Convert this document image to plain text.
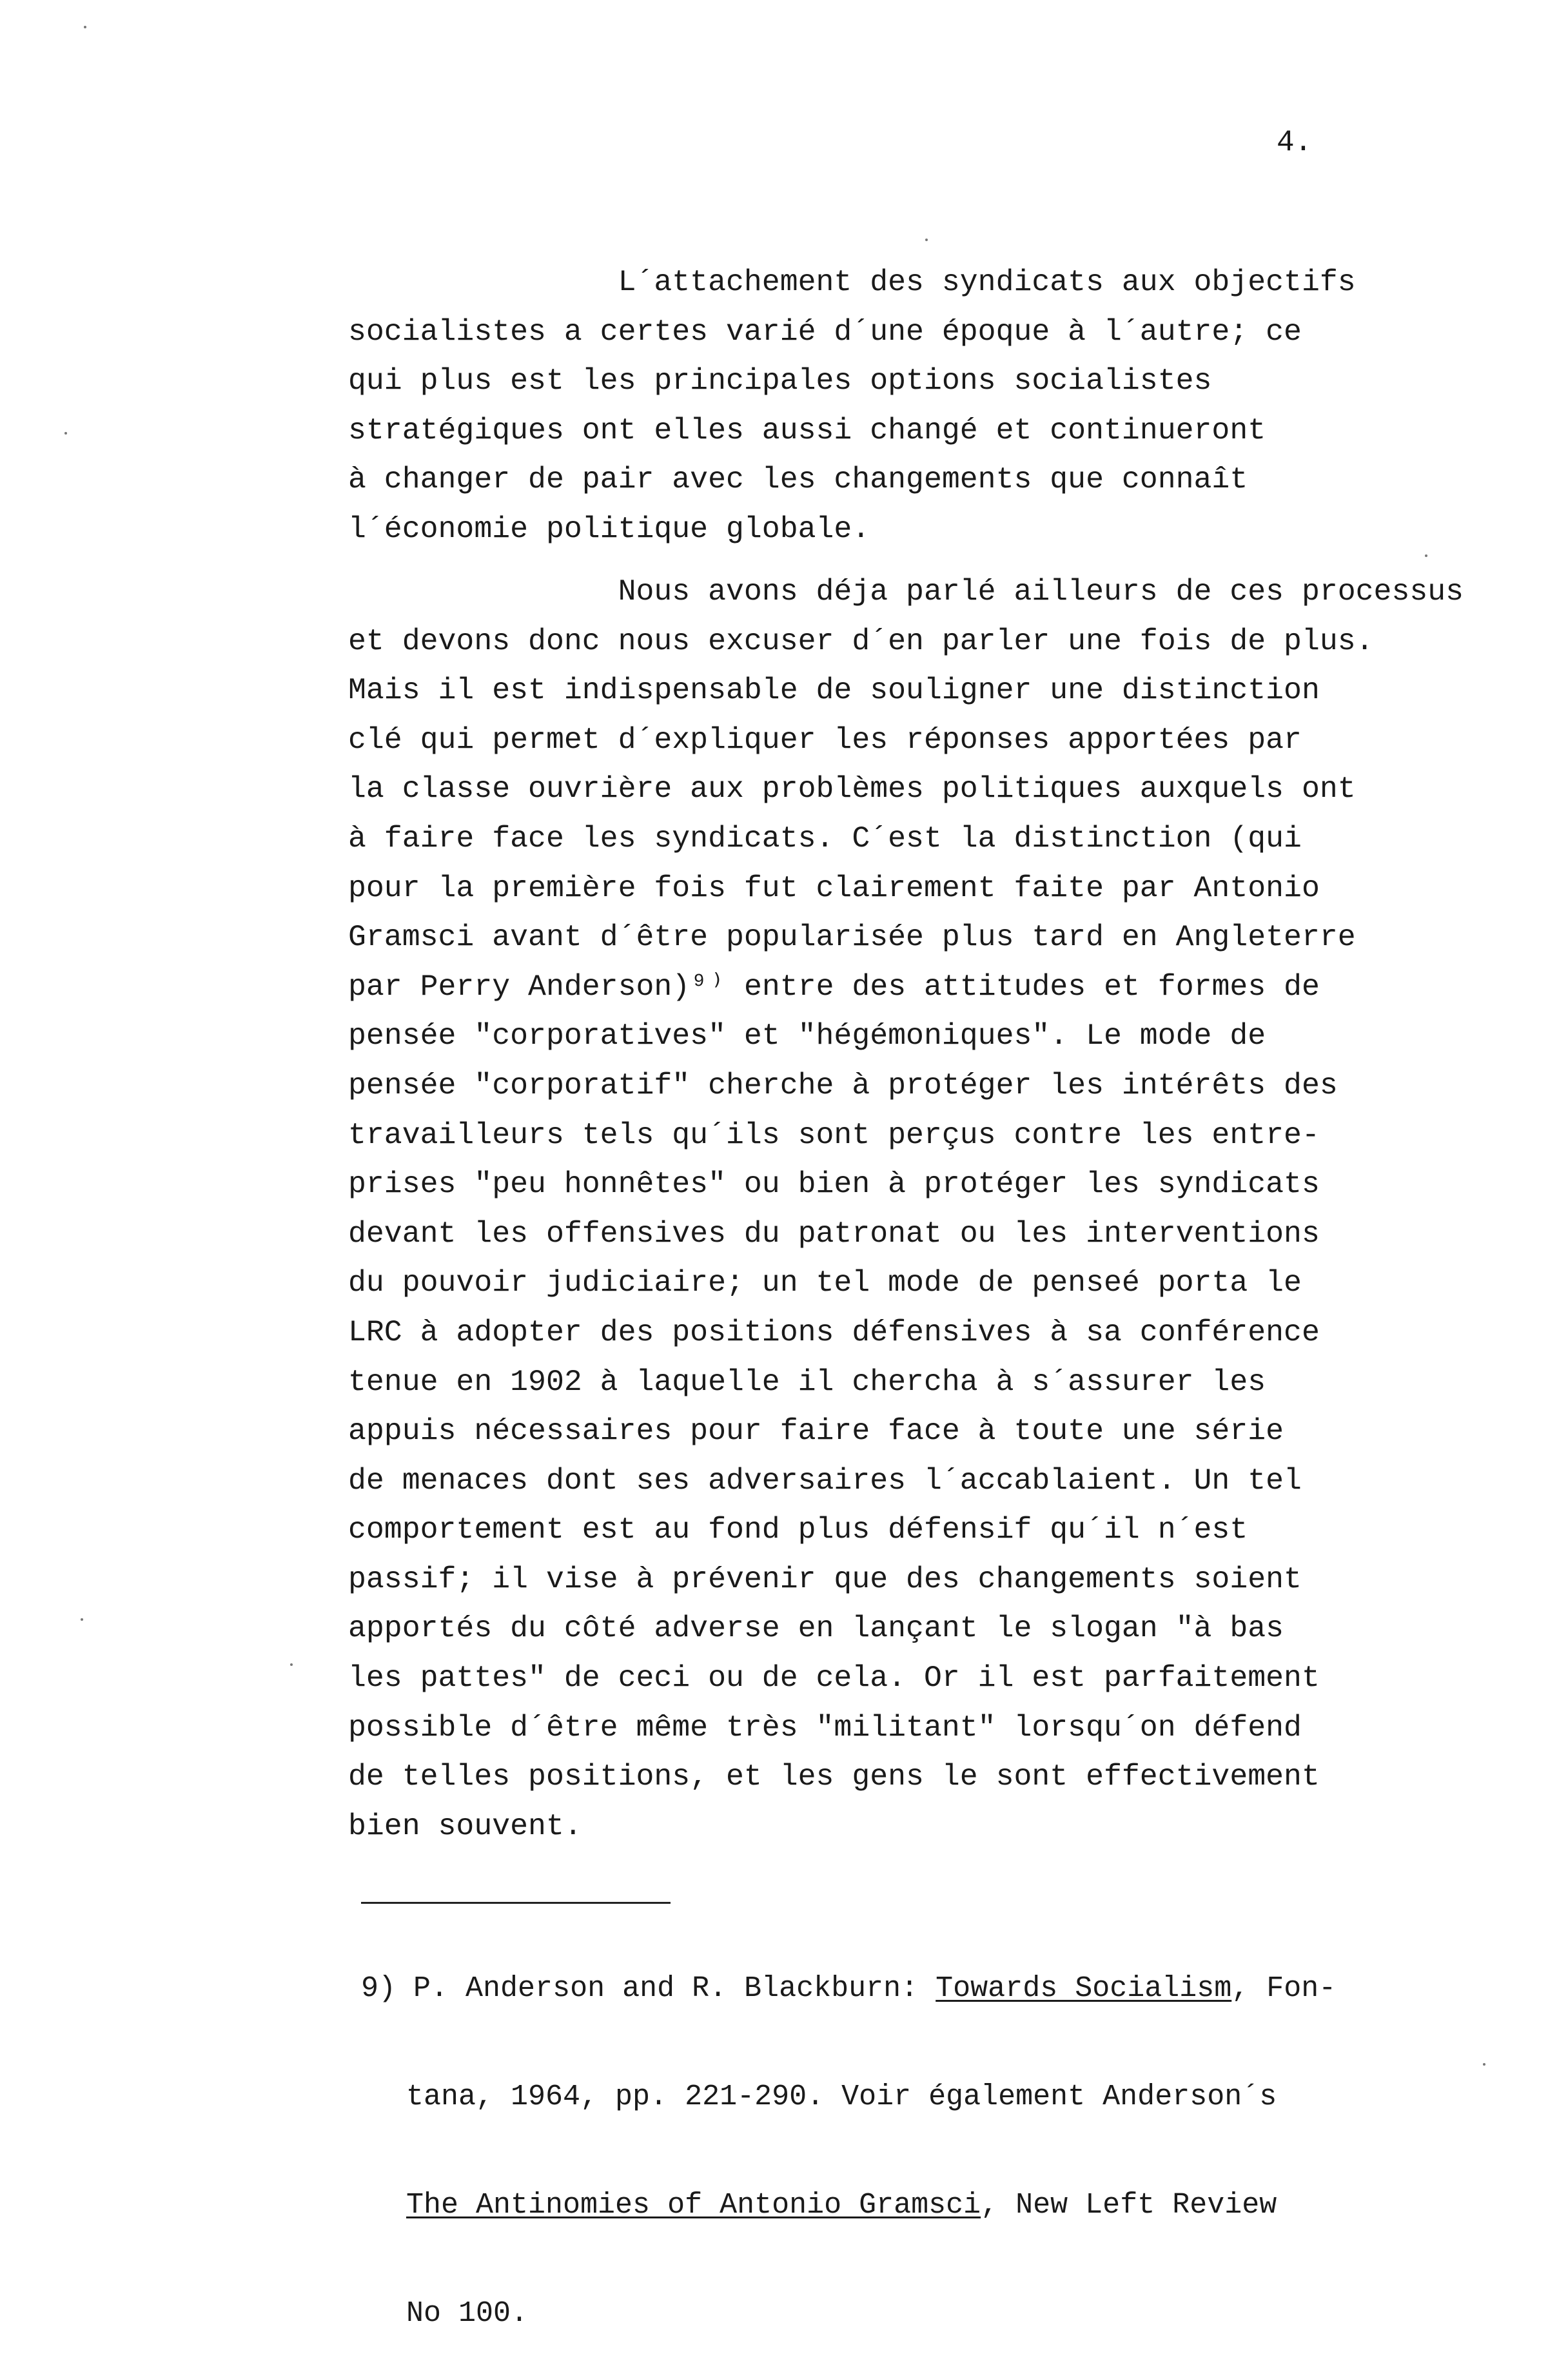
4.

L´attachement des syndicats aux objectifs
socialistes a certes varié d´une époque à l´autre; ce
qui plus est les principales options socialistes
stratégiques ont elles aussi changé et continueront
à changer de pair avec les changements que connaît
l´économie politique globale.

Nous avons déja parlé ailleurs de ces processus
et devons donc nous excuser d´en parler une fois de plus.
Mais il est indispensable de souligner une distinction
clé qui permet d´expliquer les réponses apportées par
la classe ouvrière aux problèmes politiques auxquels ont
à faire face les syndicats. C´est la distinction (qui
pour la première fois fut clairement faite par Antonio
Gramsci avant d´être popularisée plus tard en Angleterre
par Perry Anderson)⁹⁾ entre des attitudes et formes de
pensée "corporatives" et "hégémoniques". Le mode de
pensée "corporatif" cherche à protéger les intérêts des
travailleurs tels qu´ils sont perçus contre les entre-
prises "peu honnêtes" ou bien à protéger les syndicats
devant les offensives du patronat ou les interventions
du pouvoir judiciaire; un tel mode de penseé porta le
LRC à adopter des positions défensives à sa conférence
tenue en 1902 à laquelle il chercha à s´assurer les
appuis nécessaires pour faire face à toute une série
de menaces dont ses adversaires l´accablaient. Un tel
comportement est au fond plus défensif qu´il n´est
passif; il vise à prévenir que des changements soient
apportés du côté adverse en lançant le slogan "à bas
les pattes" de ceci ou de cela. Or il est parfaitement
possible d´être même très "militant" lorsqu´on défend
de telles positions, et les gens le sont effectivement
bien souvent.

9) P. Anderson and R. Blackburn: Towards Socialism, Fon-

tana, 1964, pp. 221-290. Voir également Anderson´s

The Antinomies of Antonio Gramsci, New Left Review

No 100.
